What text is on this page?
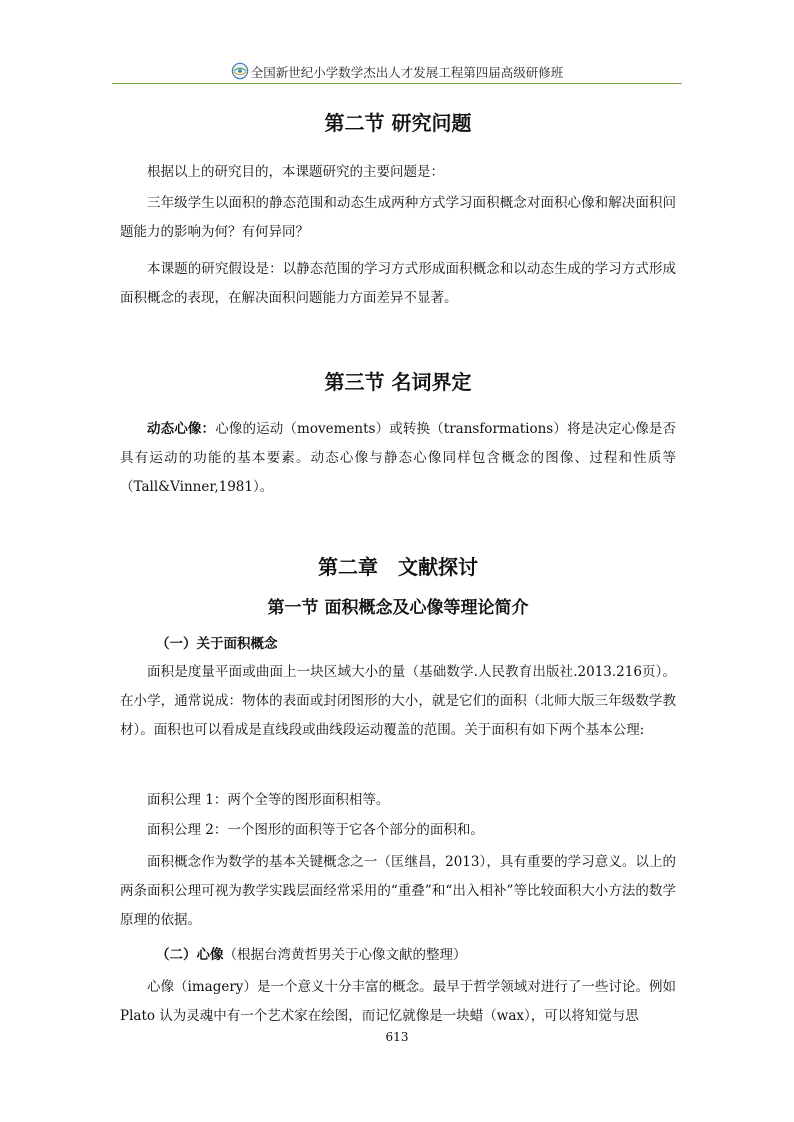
全国新世纪小学数学杰出人才发展工程第四届高级研修班
第二节 研究问题

根据以上的研究目的，本课题研究的主要问题是：

三年级学生以面积的静态范围和动态生成两种方式学习面积概念对面积心像和解决面积问题能力的影响为何？有何异同？

本课题的研究假设是：以静态范围的学习方式形成面积概念和以动态生成的学习方式形成面积概念的表现，在解决面积问题能力方面差异不显著。

第三节 名词界定

动态心像：心像的运动（movements）或转换（transformations）将是决定心像是否具有运动的功能的基本要素。动态心像与静态心像同样包含概念的图像、过程和性质等（Tall&Vinner,1981）。

第二章　文献探讨
第一节 面积概念及心像等理论简介

（一）关于面积概念

面积是度量平面或曲面上一块区域大小的量（基础数学.人民教育出版社.2013.216页）。在小学，通常说成：物体的表面或封闭图形的大小，就是它们的面积（北师大版三年级数学教材）。面积也可以看成是直线段或曲线段运动覆盖的范围。关于面积有如下两个基本公理:

面积公理 1：两个全等的图形面积相等。

面积公理 2：一个图形的面积等于它各个部分的面积和。

面积概念作为数学的基本关键概念之一（匡继昌，2013），具有重要的学习意义。以上的两条面积公理可视为教学实践层面经常采用的“重叠”和“出入相补”等比较面积大小方法的数学原理的依据。

（二）心像（根据台湾黄哲男关于心像文献的整理）

心像（imagery）是一个意义十分丰富的概念。最早于哲学领域对进行了一些讨论。例如 Plato 认为灵魂中有一个艺术家在绘图，而记忆就像是一块蜡（wax），可以将知觉与思

613
